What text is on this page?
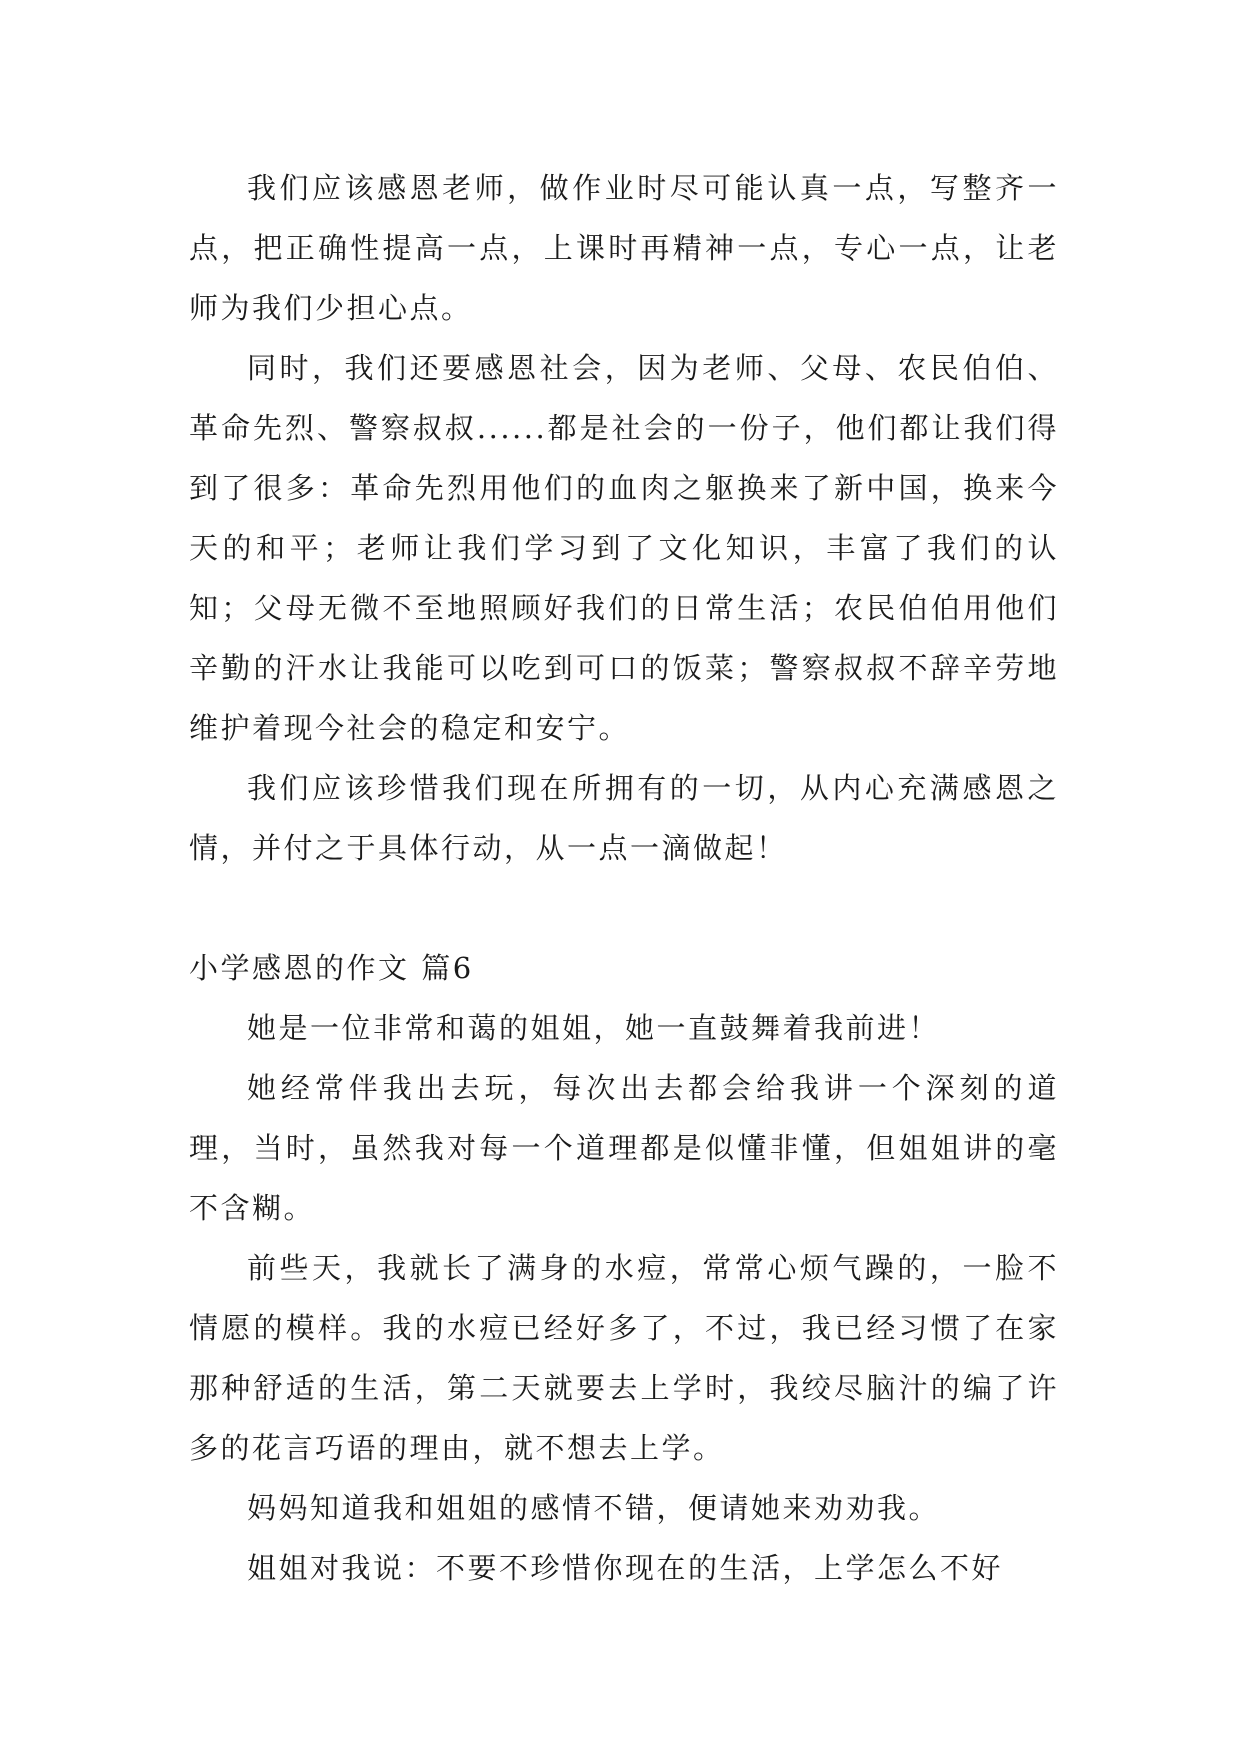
我们应该感恩老师，做作业时尽可能认真一点，写整齐一点，把正确性提高一点，上课时再精神一点，专心一点，让老师为我们少担心点。

同时，我们还要感恩社会，因为老师、父母、农民伯伯、革命先烈、警察叔叔......都是社会的一份子，他们都让我们得到了很多：革命先烈用他们的血肉之躯换来了新中国，换来今天的和平；老师让我们学习到了文化知识，丰富了我们的认知；父母无微不至地照顾好我们的日常生活；农民伯伯用他们辛勤的汗水让我能可以吃到可口的饭菜；警察叔叔不辞辛劳地维护着现今社会的稳定和安宁。

我们应该珍惜我们现在所拥有的一切，从内心充满感恩之情，并付之于具体行动，从一点一滴做起！

小学感恩的作文 篇6

她是一位非常和蔼的姐姐，她一直鼓舞着我前进！

她经常伴我出去玩，每次出去都会给我讲一个深刻的道理，当时，虽然我对每一个道理都是似懂非懂，但姐姐讲的毫不含糊。

前些天，我就长了满身的水痘，常常心烦气躁的，一脸不情愿的模样。我的水痘已经好多了，不过，我已经习惯了在家那种舒适的生活，第二天就要去上学时，我绞尽脑汁的编了许多的花言巧语的理由，就不想去上学。

妈妈知道我和姐姐的感情不错，便请她来劝劝我。

姐姐对我说：不要不珍惜你现在的生活，上学怎么不好
